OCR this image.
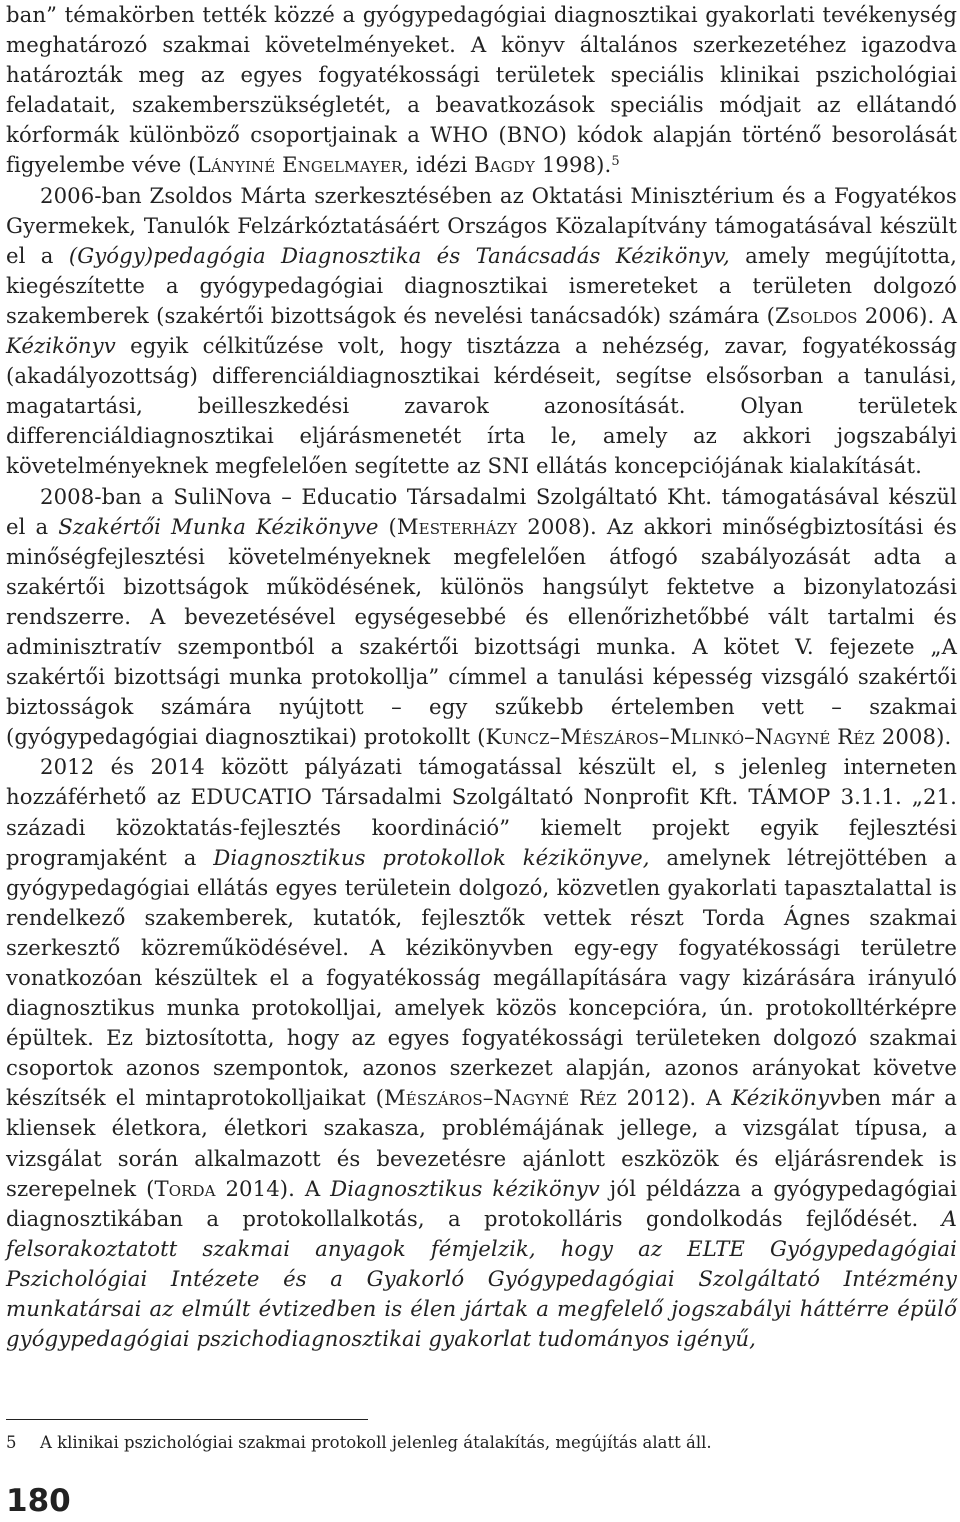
ban” témakörben tették közzé a gyógypedagógiai diagnosztikai gyakorlati tevékenység meghatározó szakmai követelményeket. A könyv általános szerkezetéhez igazodva határozták meg az egyes fogyatékossági területek speciális klinikai pszichológiai feladatait, szakemberszükségletét, a beavatkozások speciális módjait az ellátandó kórformák különböző csoportjainak a WHO (BNO) kódok alapján történő besorolását figyelembe véve (Lányiné Engelmayer, idézi Bagdy 1998).$^5$

2006-ban Zsoldos Márta szerkesztésében az Oktatási Minisztérium és a Fogyatékos Gyermekek, Tanulók Felzárkóztatásáért Országos Közalapítvány támogatásával készült el a (Gyógy)pedagógia Diagnosztika és Tanácsadás Kézikönyv, amely megújította, kiegészítette a gyógypedagógiai diagnosztikai ismereteket a területen dolgozó szakemberek (szakértői bizottságok és nevelési tanácsadók) számára (Zsoldos 2006). A Kézikönyv egyik célkitűzése volt, hogy tisztázza a nehézség, zavar, fogyatékosság (akadályozottság) differenciáldiagnosztikai kérdéseit, segítse elsősorban a tanulási, magatartási, beilleszkedési zavarok azonosítását. Olyan területek differenciáldiagnosztikai eljárásmenetét írta le, amely az akkori jogszabályi követelményeknek megfelelően segítette az SNI ellátás koncepciójának kialakítását.

2008-ban a SuliNova – Educatio Társadalmi Szolgáltató Kht. támogatásával készül el a Szakértői Munka Kézikönyve (Mesterházy 2008). Az akkori minőségbiztosítási és minőségfejlesztési követelményeknek megfelelően átfogó szabályozását adta a szakértői bizottságok működésének, különös hangsúlyt fektetve a bizonylatozási rendszerre. A bevezetésével egységesebbé és ellenőrizhetőbbé vált tartalmi és adminisztratív szempontból a szakértői bizottsági munka. A kötet V. fejezete „A szakértői bizottsági munka protokollja” címmel a tanulási képesség vizsgáló szakértői biztosságok számára nyújtott – egy szűkebb értelemben vett – szakmai (gyógypedagógiai diagnosztikai) protokollt (Kuncz–Mészáros–Mlinkó–Nagyné Réz 2008).

2012 és 2014 között pályázati támogatással készült el, s jelenleg interneten hozzáférhető az EDUCATIO Társadalmi Szolgáltató Nonprofit Kft. TÁMOP 3.1.1. „21. századi közoktatás-fejlesztés koordináció” kiemelt projekt egyik fejlesztési programjaként a Diagnosztikus protokollok kézikönyve, amelynek létrejöttében a gyógypedagógiai ellátás egyes területein dolgozó, közvetlen gyakorlati tapasztalattal is rendelkező szakemberek, kutatók, fejlesztők vettek részt Torda Ágnes szakmai szerkesztő közreműködésével. A kézikönyvben egy-egy fogyatékossági területre vonatkozóan készültek el a fogyatékosság megállapítására vagy kizárására irányuló diagnosztikus munka protokolljai, amelyek közös koncepcióra, ún. protokolltérképre épültek. Ez biztosította, hogy az egyes fogyatékossági területeken dolgozó szakmai csoportok azonos szempontok, azonos szerkezet alapján, azonos arányokat követve készítsék el mintaprotokolljaikat (Mészáros–Nagyné Réz 2012). A Kézikönyvben már a kliensek életkora, életkori szakasza, problémájának jellege, a vizsgálat típusa, a vizsgálat során alkalmazott és bevezetésre ajánlott eszközök és eljárásrendek is szerepelnek (Torda 2014). A Diagnosztikus kézikönyv jól példázza a gyógypedagógiai diagnosztikában a protokollalkotás, a protokolláris gondolkodás fejlődését. A felsorakoztatott szakmai anyagok fémjelzik, hogy az ELTE Gyógypedagógiai Pszichológiai Intézete és a Gyakorló Gyógypedagógiai Szolgáltató Intézmény munkatársai az elmúlt évtizedben is élen jártak a megfelelő jogszabályi háttérre épülő gyógypedagógiai pszichodiagnosztikai gyakorlat tudományos igényű,

5 A klinikai pszichológiai szakmai protokoll jelenleg átalakítás, megújítás alatt áll.
180
